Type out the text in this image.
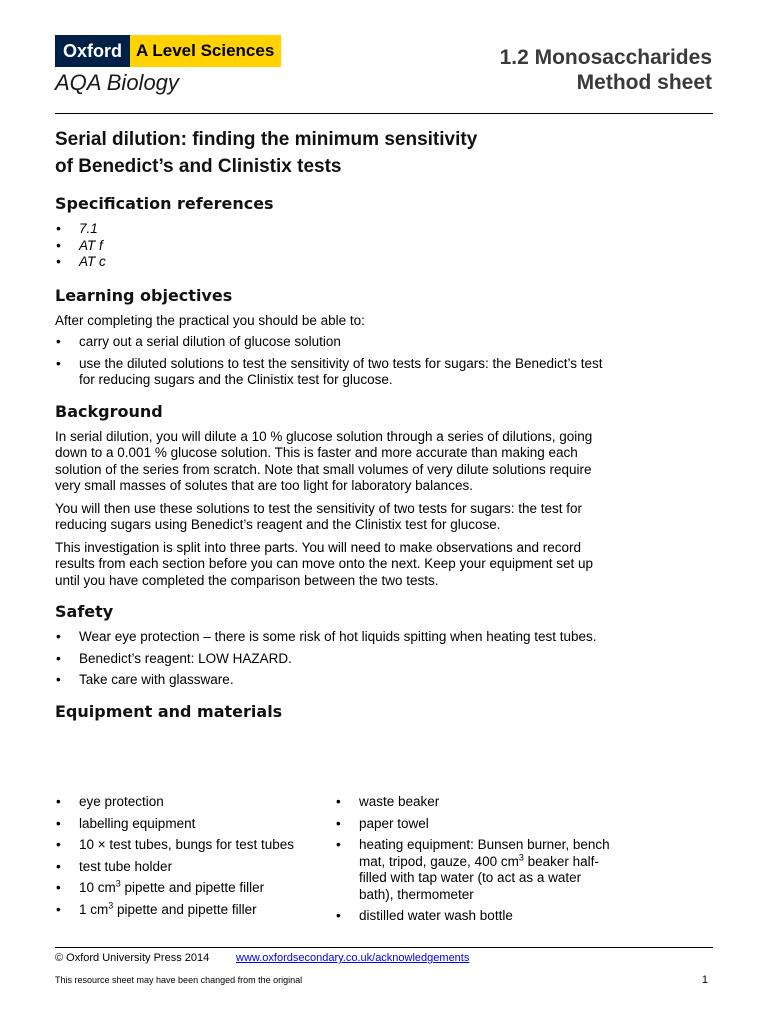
Oxford A Level Sciences
AQA Biology
1.2 Monosaccharides
Method sheet
Serial dilution: finding the minimum sensitivity
of Benedict’s and Clinistix tests
Specification references
• 7.1
• AT f
• AT c
Learning objectives

After completing the practical you should be able to:

• carry out a serial dilution of glucose solution
• use the diluted solutions to test the sensitivity of two tests for sugars: the Benedict’s test for reducing sugars and the Clinistix test for glucose.
Background

In serial dilution, you will dilute a 10 % glucose solution through a series of dilutions, going down to a 0.001 % glucose solution. This is faster and more accurate than making each solution of the series from scratch. Note that small volumes of very dilute solutions require very small masses of solutes that are too light for laboratory balances.

You will then use these solutions to test the sensitivity of two tests for sugars: the test for reducing sugars using Benedict’s reagent and the Clinistix test for glucose.

This investigation is split into three parts. You will need to make observations and record results from each section before you can move onto the next. Keep your equipment set up until you have completed the comparison between the two tests.

Safety
• Wear eye protection – there is some risk of hot liquids spitting when heating test tubes.
• Benedict’s reagent: LOW HAZARD.
• Take care with glassware.
Equipment and materials
• eye protection
• labelling equipment
• 10 × test tubes, bungs for test tubes
• test tube holder
• 10 $cm^3$ pipette and pipette filler
• 1 $cm^3$ pipette and pipette filler
• waste beaker
• paper towel
• heating equipment: Bunsen burner, bench mat, tripod, gauze, 400 $cm^3$ beaker half-filled with tap water (to act as a water bath), thermometer
• distilled water wash bottle
© Oxford University Press 2014 www.oxfordsecondary.co.uk/acknowledgements
This resource sheet may have been changed from the original	1
